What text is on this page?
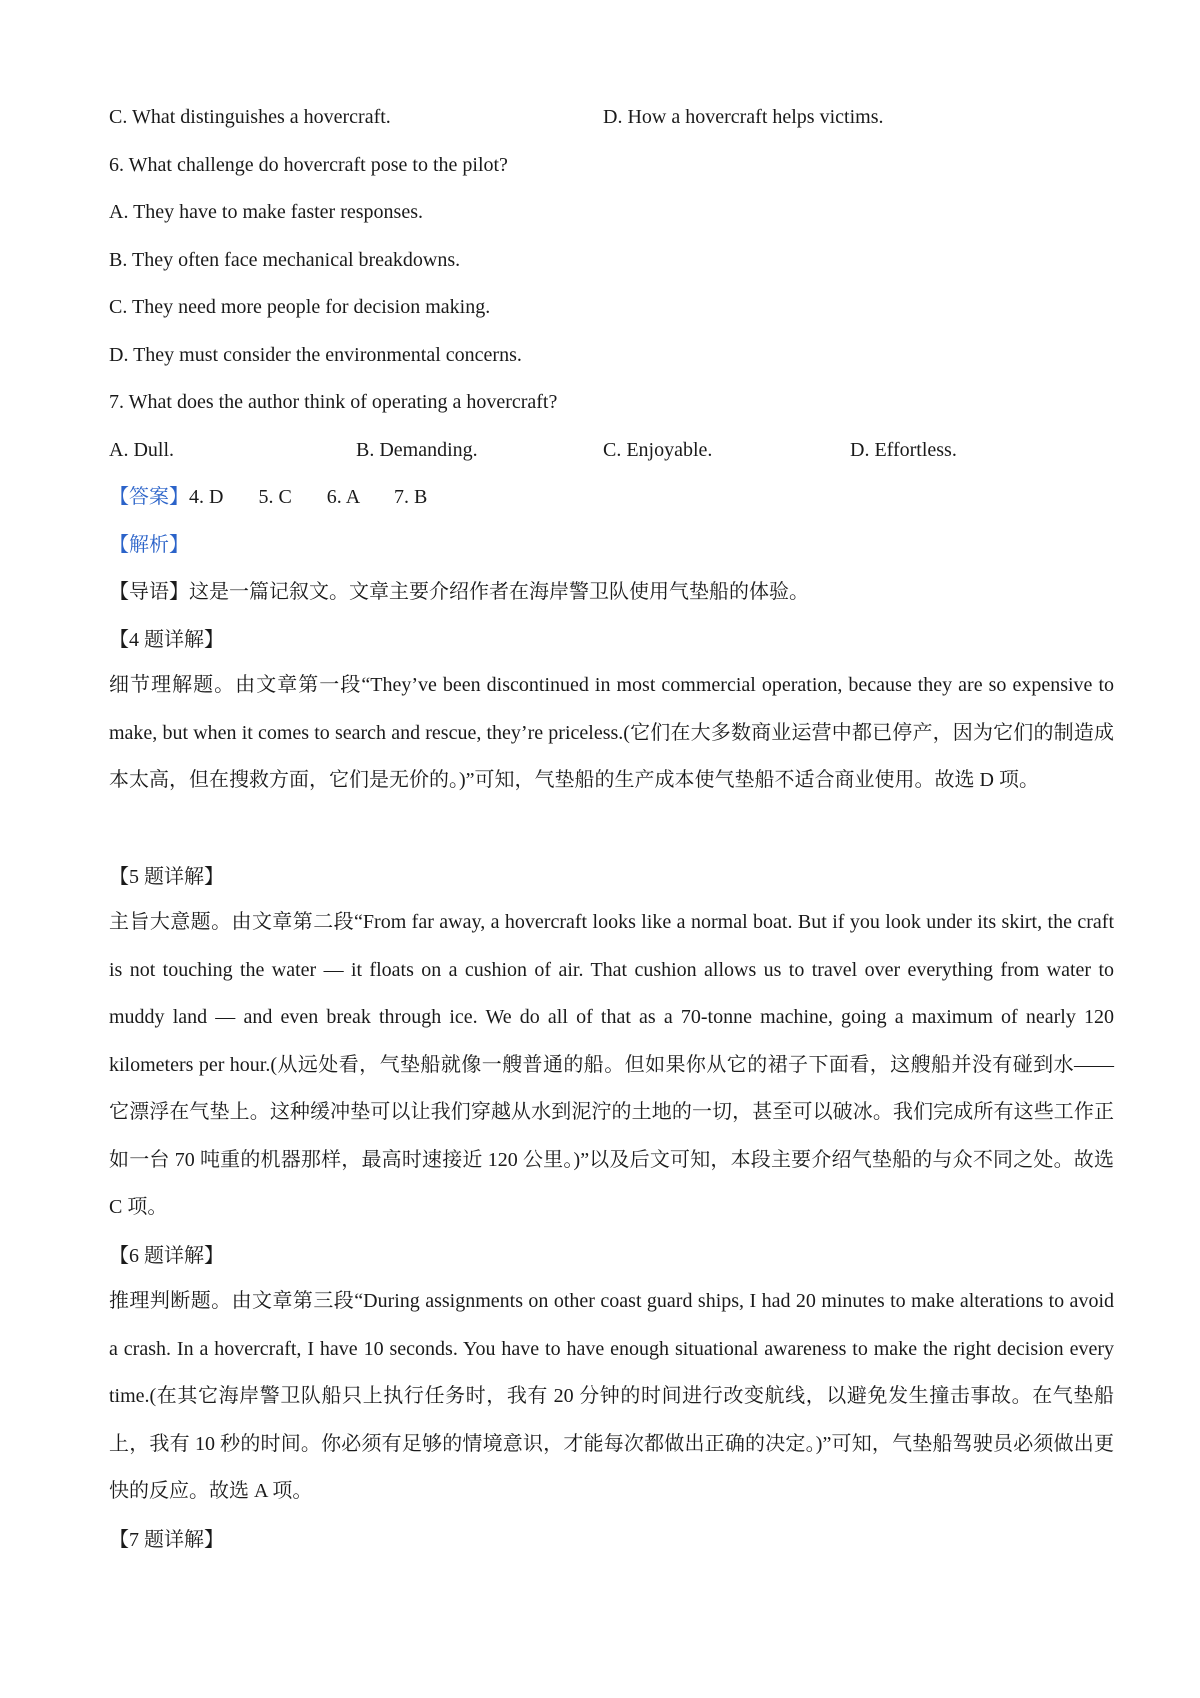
C. What distinguishes a hovercraft.	D. How a hovercraft helps victims.
6. What challenge do hovercraft pose to the pilot?
A. They have to make faster responses.
B. They often face mechanical breakdowns.
C. They need more people for decision making.
D. They must consider the environmental concerns.
7. What does the author think of operating a hovercraft?
A. Dull.	B. Demanding.	C. Enjoyable.	D. Effortless.
【答案】4. D 5. C 6. A 7. B
【解析】
【导语】这是一篇记叙文。文章主要介绍作者在海岸警卫队使用气垫船的体验。
【4 题详解】
细节理解题。由文章第一段“They’ve been discontinued in most commercial operation, because they are so expensive to make, but when it comes to search and rescue, they’re priceless.(它们在大多数商业运营中都已停产，因为它们的制造成本太高，但在搜救方面，它们是无价的。)”可知，气垫船的生产成本使气垫船不适合商业使用。故选 D 项。
【5 题详解】
主旨大意题。由文章第二段“From far away, a hovercraft looks like a normal boat. But if you look under its skirt, the craft is not touching the water — it floats on a cushion of air. That cushion allows us to travel over everything from water to muddy land — and even break through ice. We do all of that as a 70-tonne machine, going a maximum of nearly 120 kilometers per hour.(从远处看，气垫船就像一艘普通的船。但如果你从它的裙子下面看，这艘船并没有碰到水——它漂浮在气垫上。这种缓冲垫可以让我们穿越从水到泥泞的土地的一切，甚至可以破冰。我们完成所有这些工作正如一台 70 吨重的机器那样，最高时速接近 120 公里。)”以及后文可知，本段主要介绍气垫船的与众不同之处。故选 C 项。
【6 题详解】
推理判断题。由文章第三段“During assignments on other coast guard ships, I had 20 minutes to make alterations to avoid a crash. In a hovercraft, I have 10 seconds. You have to have enough situational awareness to make the right decision every time.(在其它海岸警卫队船只上执行任务时，我有 20 分钟的时间进行改变航线，以避免发生撞击事故。在气垫船上，我有 10 秒的时间。你必须有足够的情境意识，才能每次都做出正确的决定。)”可知，气垫船驾驶员必须做出更快的反应。故选 A 项。
【7 题详解】
